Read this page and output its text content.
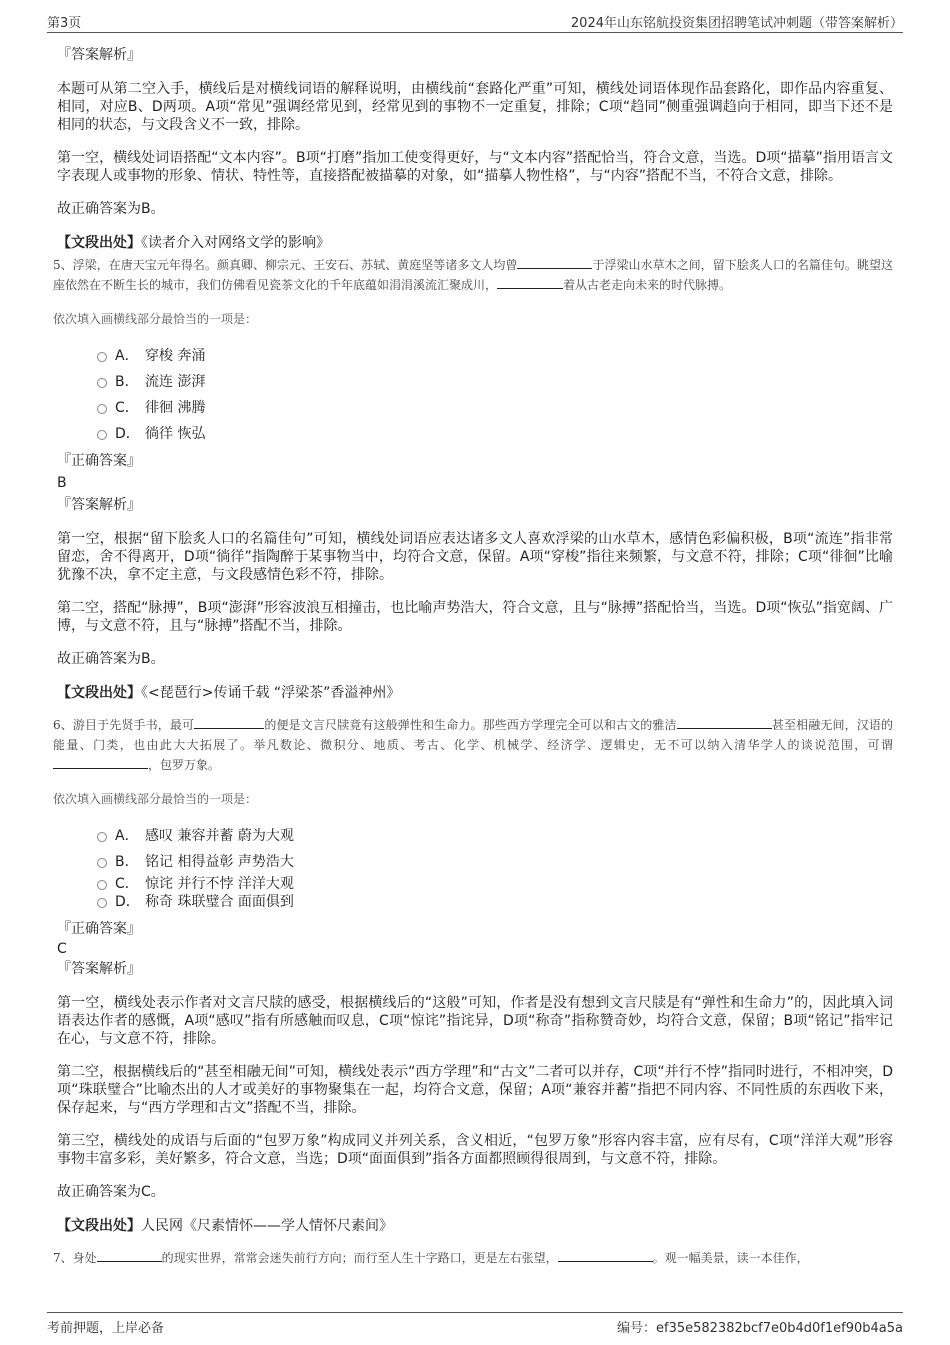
第3页	2024年山东铭航投资集团招聘笔试冲刺题（带答案解析）

『答案解析』

本题可从第二空入手，横线后是对横线词语的解释说明，由横线前“套路化严重”可知，横线处词语体现作品套路化，即作品内容重复、相同，对应B、D两项。A项“常见”强调经常见到，经常见到的事物不一定重复，排除；C项“趋同”侧重强调趋向于相同，即当下还不是相同的状态，与文段含义不一致，排除。

第一空，横线处词语搭配“文本内容”。B项“打磨”指加工使变得更好，与“文本内容”搭配恰当，符合文意，当选。D项“描摹”指用语言文字表现人或事物的形象、情状、特性等，直接搭配被描摹的对象，如“描摹人物性格”，与“内容”搭配不当，不符合文意，排除。

故正确答案为B。

【文段出处】《读者介入对网络文学的影响》

5、浮梁，在唐天宝元年得名。颜真卿、柳宗元、王安石、苏轼、黄庭坚等诸多文人均曾	于浮梁山水草木之间，留下脍炙人口的名篇佳句。眺望这座依然在不断生长的城市，我们仿佛看见瓷茶文化的千年底蕴如涓涓溪流汇聚成川，	着从古老走向未来的时代脉搏。

依次填入画横线部分最恰当的一项是：

A． 穿梭 奔涌
B． 流连 澎湃
C． 徘徊 沸腾
D． 徜徉 恢弘

『正确答案』

B

『答案解析』

第一空，根据“留下脍炙人口的名篇佳句”可知，横线处词语应表达诸多文人喜欢浮梁的山水草木，感情色彩偏积极，B项“流连”指非常留恋，舍不得离开，D项“徜徉”指陶醉于某事物当中，均符合文意，保留。A项“穿梭”指往来频繁，与文意不符，排除；C项“徘徊”比喻犹豫不决，拿不定主意，与文段感情色彩不符，排除。

第二空，搭配“脉搏”，B项“澎湃”形容波浪互相撞击，也比喻声势浩大，符合文意，且与“脉搏”搭配恰当，当选。D项“恢弘”指宽阔、广博，与文意不符，且与“脉搏”搭配不当，排除。

故正确答案为B。

【文段出处】《<琵琶行>传诵千载 “浮梁茶”香溢神州》

6、游目于先贤手书，最可	的便是文言尺牍竟有这般弹性和生命力。那些西方学理完全可以和古文的雅洁	甚至相融无间，汉语的能量、门类，也由此大大拓展了。举凡数论、微积分、地质、考古、化学、机械学、经济学、逻辑史，无不可以纳入清华学人的谈说范围，可谓，包罗万象。

依次填入画横线部分最恰当的一项是：

A． 感叹 兼容并蓄 蔚为大观
B． 铭记 相得益彰 声势浩大
C． 惊诧 并行不悖 洋洋大观
D． 称奇 珠联璧合 面面俱到

『正确答案』

C

『答案解析』

第一空，横线处表示作者对文言尺牍的感受，根据横线后的“这般”可知，作者是没有想到文言尺牍是有“弹性和生命力”的，因此填入词语表达作者的感慨，A项“感叹”指有所感触而叹息，C项“惊诧”指诧异，D项“称奇”指称赞奇妙，均符合文意，保留；B项“铭记”指牢记在心，与文意不符，排除。

第二空，根据横线后的“甚至相融无间”可知，横线处表示“西方学理”和“古文”二者可以并存，C项“并行不悖”指同时进行，不相冲突，D项“珠联璧合”比喻杰出的人才或美好的事物聚集在一起，均符合文意，保留；A项“兼容并蓄”指把不同内容、不同性质的东西收下来，保存起来，与“西方学理和古文”搭配不当，排除。

第三空，横线处的成语与后面的“包罗万象”构成同义并列关系，含义相近，“包罗万象”形容内容丰富，应有尽有，C项“洋洋大观”形容事物丰富多彩，美好繁多，符合文意，当选；D项“面面俱到”指各方面都照顾得很周到，与文意不符，排除。

故正确答案为C。

【文段出处】人民网《尺素情怀——学人情怀尺素间》

7、身处	的现实世界，常常会迷失前行方向；而行至人生十字路口，更是左右张望，	。观一幅美景，读一本佳作，

考前押题，上岸必备	编号：ef35e582382bcf7e0b4d0f1ef90b4a5a
